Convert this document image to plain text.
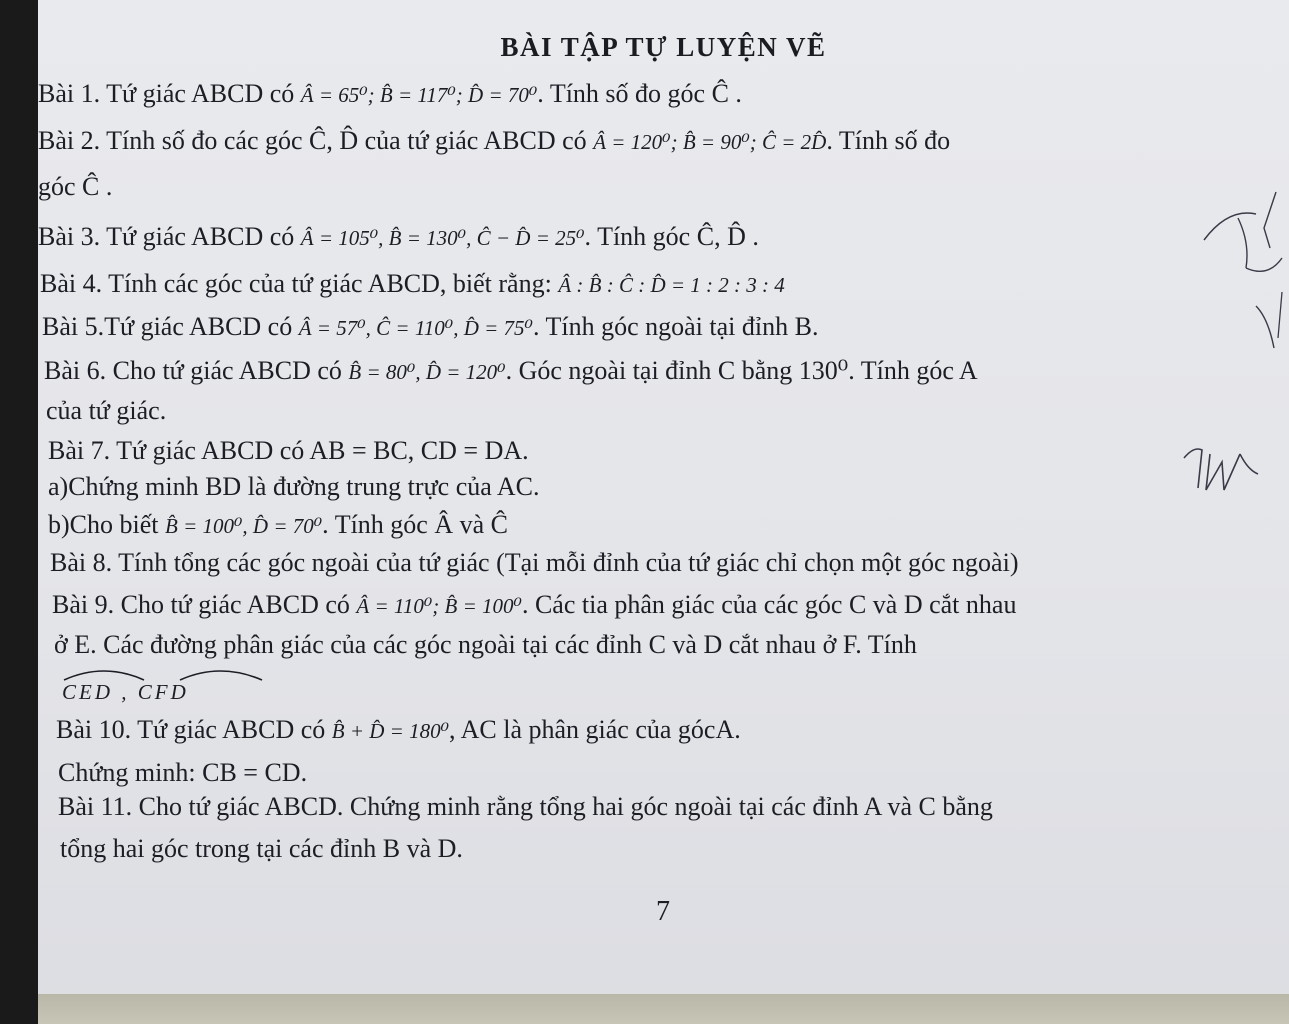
BÀI TẬP TỰ LUYỆN VẼ
Bài 1. Tứ giác ABCD có Â = 65⁰; B̂ = 117⁰; D̂ = 70⁰. Tính số đo góc Ĉ .
Bài 2. Tính số đo các góc Ĉ, D̂ của tứ giác ABCD có Â = 120⁰; B̂ = 90⁰; Ĉ = 2D̂. Tính số đo
góc Ĉ .
Bài 3. Tứ giác ABCD có Â = 105⁰, B̂ = 130⁰, Ĉ − D̂ = 25⁰. Tính góc Ĉ, D̂ .
Bài 4. Tính các góc của tứ giác ABCD, biết rằng: Â : B̂ : Ĉ : D̂ = 1 : 2 : 3 : 4
Bài 5.Tứ giác ABCD có Â = 57⁰, Ĉ = 110⁰, D̂ = 75⁰. Tính góc ngoài tại đỉnh B.
Bài 6. Cho tứ giác ABCD có B̂ = 80⁰, D̂ = 120⁰. Góc ngoài tại đỉnh C bằng 130⁰. Tính góc A
của tứ giác.
Bài 7. Tứ giác ABCD có AB = BC, CD = DA.
a)Chứng minh BD là đường trung trực của AC.
b)Cho biết B̂ = 100⁰, D̂ = 70⁰. Tính góc Â và Ĉ
Bài 8. Tính tổng các góc ngoài của tứ giác (Tại mỗi đỉnh của tứ giác chỉ chọn một góc ngoài)
Bài 9. Cho tứ giác ABCD có Â = 110⁰; B̂ = 100⁰. Các tia phân giác của các góc C và D cắt nhau
ở E. Các đường phân giác của các góc ngoài tại các đỉnh C và D cắt nhau ở F. Tính
CED , CFD
Bài 10. Tứ giác ABCD có B̂ + D̂ = 180⁰, AC là phân giác của gócA.
Chứng minh: CB = CD.
Bài 11. Cho tứ giác ABCD. Chứng minh rằng tổng hai góc ngoài tại các đỉnh A và C bằng
tổng hai góc trong tại các đỉnh B và D.
7
